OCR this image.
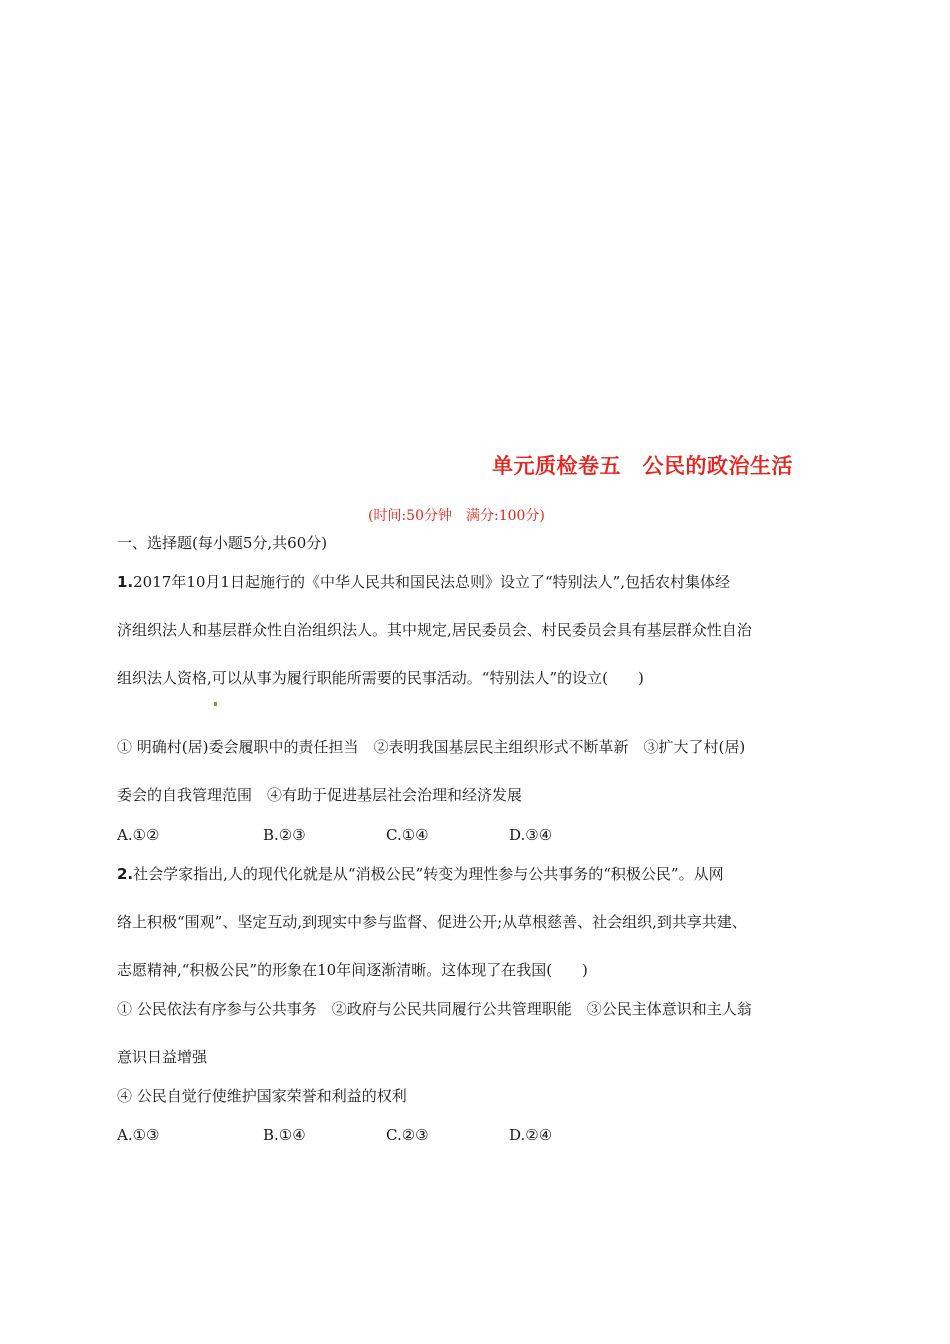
单元质检卷五　公民的政治生活
(时间:50分钟　满分:100分)
一、选择题(每小题5分,共60分)
1.2017年10月1日起施行的《中华人民共和国民法总则》设立了“特别法人”,包括农村集体经
济组织法人和基层群众性自治组织法人。其中规定,居民委员会、村民委员会具有基层群众性自治
组织法人资格,可以从事为履行职能所需要的民事活动。“特别法人”的设立(　　)
① 明确村(居)委会履职中的责任担当　②表明我国基层民主组织形式不断革新　③扩大了村(居)
委会的自我管理范围　④有助于促进基层社会治理和经济发展
A.①②	B.②③	C.①④	D.③④
2.社会学家指出,人的现代化就是从“消极公民”转变为理性参与公共事务的“积极公民”。从网
络上积极“围观”、坚定互动,到现实中参与监督、促进公开;从草根慈善、社会组织,到共享共建、
志愿精神,“积极公民”的形象在10年间逐渐清晰。这体现了在我国(　　)
① 公民依法有序参与公共事务　②政府与公民共同履行公共管理职能　③公民主体意识和主人翁
意识日益增强
④ 公民自觉行使维护国家荣誉和利益的权利
A.①③	B.①④	C.②③	D.②④
